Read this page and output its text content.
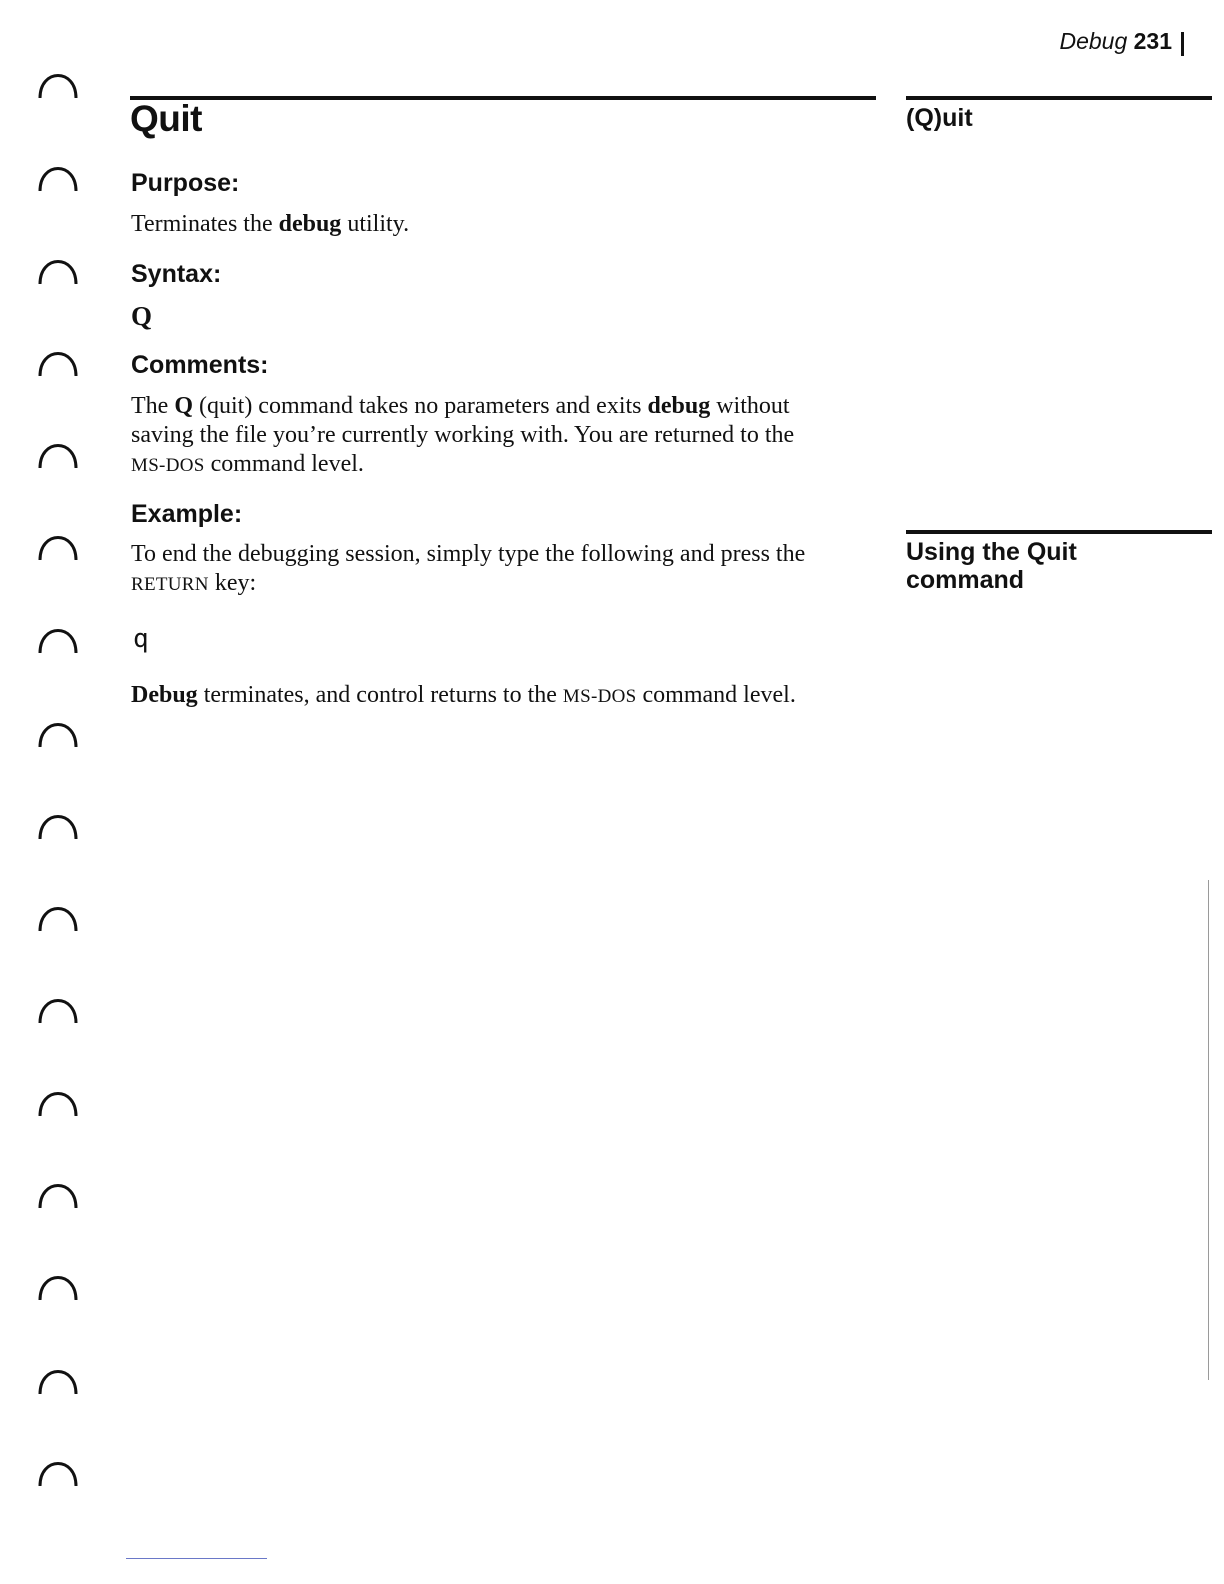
Debug 231
Quit	(Q)uit
Using the Quit command
Purpose:
Terminates the debug utility.
Syntax:
Q
Comments:
The Q (quit) command takes no parameters and exits debug without saving the file you’re currently working with. You are returned to the MS-DOS command level.
Example:
To end the debugging session, simply type the following and press the RETURN key:
q
Debug terminates, and control returns to the MS-DOS command level.
